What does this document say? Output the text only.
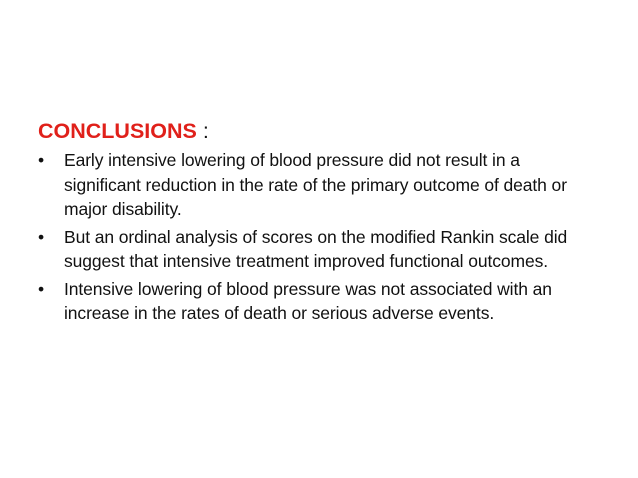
CONCLUSIONS :
•	Early intensive lowering of blood pressure did not result in a significant reduction in the rate of the primary outcome of death or major disability.
•	But an ordinal analysis of scores on the modified Rankin scale did suggest that intensive treatment improved functional outcomes.
•	Intensive lowering of blood pressure was not associated with an increase in the rates of death or serious adverse events.
